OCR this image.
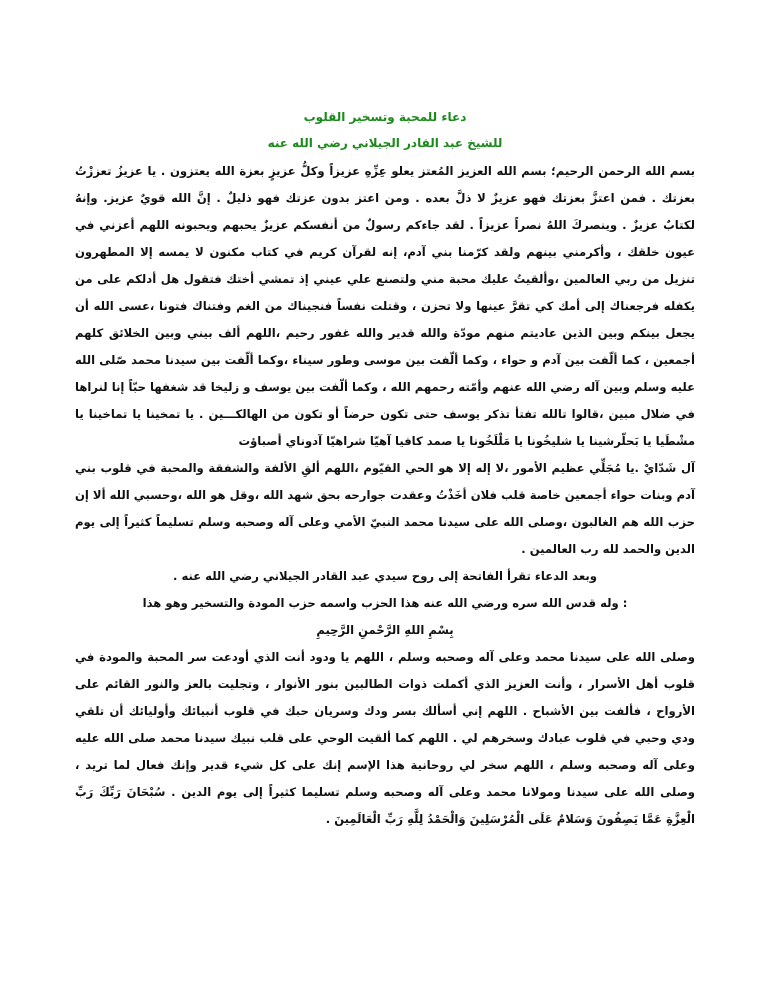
دعاء للمحبة وتسخير القلوب

للشيخ عبد القادر الجيلاني رضي الله عنه

بسم الله الرحمن الرحيم؛ بسم الله العزيز المُعتز يعلو عِزِّهِ عزيزاً وكلُّ عزيزٍ بعزة الله يعتزون . يا عزيزُ تعززْتُ بعزتك . فمن اعتزَّ بعزتك فهو عزيزٌ لا ذلَّ بعده . ومن اعتز بدون عزتك فهو ذليلٌ . إنَّ الله قويٌ عزيز. وإنهُ لكتابٌ عزيزٌ . وينصركَ اللهُ نصراً عزيزاً . لقد جاءكم رسولٌ من أنفسكم عزيزٌ يحبهم ويحبونه اللهم أعزني في عيون خلقك ، وأكرمني بينهم ولقد كرّمنا بني آدم، إنه لقرآن كريم في كتاب مكنون لا يمسه إلا المطهرون تنزيل من ربي العالمين ،وألقيتُ عليك محبة مني ولتصنع علي عيني إذ تمشي أختك فتقول هل أدلكم على من يكفله فرجعناك إلى أمك كي تقرَّ عينها ولا تحزن ، وقتلت نفساً فنجيناك من الغم وفتناك فتونا ،عسى الله أن يجعل بينكم وبين الذين عاديتم منهم مودّة والله قدير والله غفور رحيم ،اللهم ألف بيني وبين الخلائق كلهم أجمعين ، كما ألّفت بين آدم و حواء ، وكما ألّفت بين موسى وطور سيناء ،وكما ألّفت بين سيدنا محمد صّلى الله عليه وسلم وبين آله رضي الله عنهم وأمّته رحمهم الله ، وكما ألّفت بين يوسف و زليخا قد شغفها حبّاً إنا لنراها في ضلال مبين ،قالوا تالله تفتأ تذكر يوسف حتى تكون حرضاً أو تكون من الهالكـــين . يا تمخينا يا تماخينا يا مشْطَيا يا بَحلّرشينا يا شليخُونا يا مَلْلَخُونا يا صمد كافيا آهيّا شراهيّا آدوناي أصباؤت

آل شَدّايْ .يا مُجَلِّي عظيم الأمور ،لا إله إلا هو الحي القيّوم ،اللهم ألقِ الألفة والشفقة والمحبة في قلوب بني آدم وبنات حواء أجمعين خاصة قلب فلان أخَذْتُ وعقدت جوارحه بحق شهد الله ،وقل هو الله ،وحسبي الله ألا إن حزب الله هم الغالبون ،وصلى الله على سيدنا محمد النبيّ الأمي وعلى آله وصحبه وسلم تسليماً كثيراً إلى يوم الدين والحمد لله رب العالمين .

وبعد الدعاء تقرأ الفاتحة إلى روح سيدي عبد القادر الجيلاني رضي الله عنه .

: وله قدس الله سره ورضي الله عنه هذا الحزب واسمه حزب المودة والتسخير وهو هذا

بِسْمِ اللهِ الرَّحْمنِ الرَّحِيمِ

وصلى الله على سيدنا محمد وعلى آله وصحبه وسلم ، اللهم يا ودود أنت الذي أودعت سر المحبة والمودة في قلوب أهل الأسرار ، وأنت العزيز الذي أكملت ذوات الطالبين بنور الأنوار ، وتجليت بالعز والنور القائم على الأرواح ، فألفت بين الأشباح . اللهم إني أسألك بسر ودك وسريان حبك في قلوب أنبيائك وأوليائك أن تلقي ودي وحبي في قلوب عبادك وسخرهم لي . اللهم كما ألقيت الوحي على قلب نبيك سيدنا محمد صلى الله عليه وعلى آله وصحبه وسلم ، اللهم سخر لي روحانية هذا الإسم إنك على كل شيء قدير وإنك فعال لما تريد ، وصلى الله على سيدنا ومولانا محمد وعلى آله وصحبه وسلم تسليما كثيراً إلى يوم الدين . سُبْحَانَ رَبِّكَ رَبِّ الْعِزَّةِ عَمَّا يَصِفُونَ وَسَلامٌ عَلَى الْمُرْسَلِينَ وَالْحَمْدُ لِلَّهِ رَبِّ الْعَالَمِينَ .
